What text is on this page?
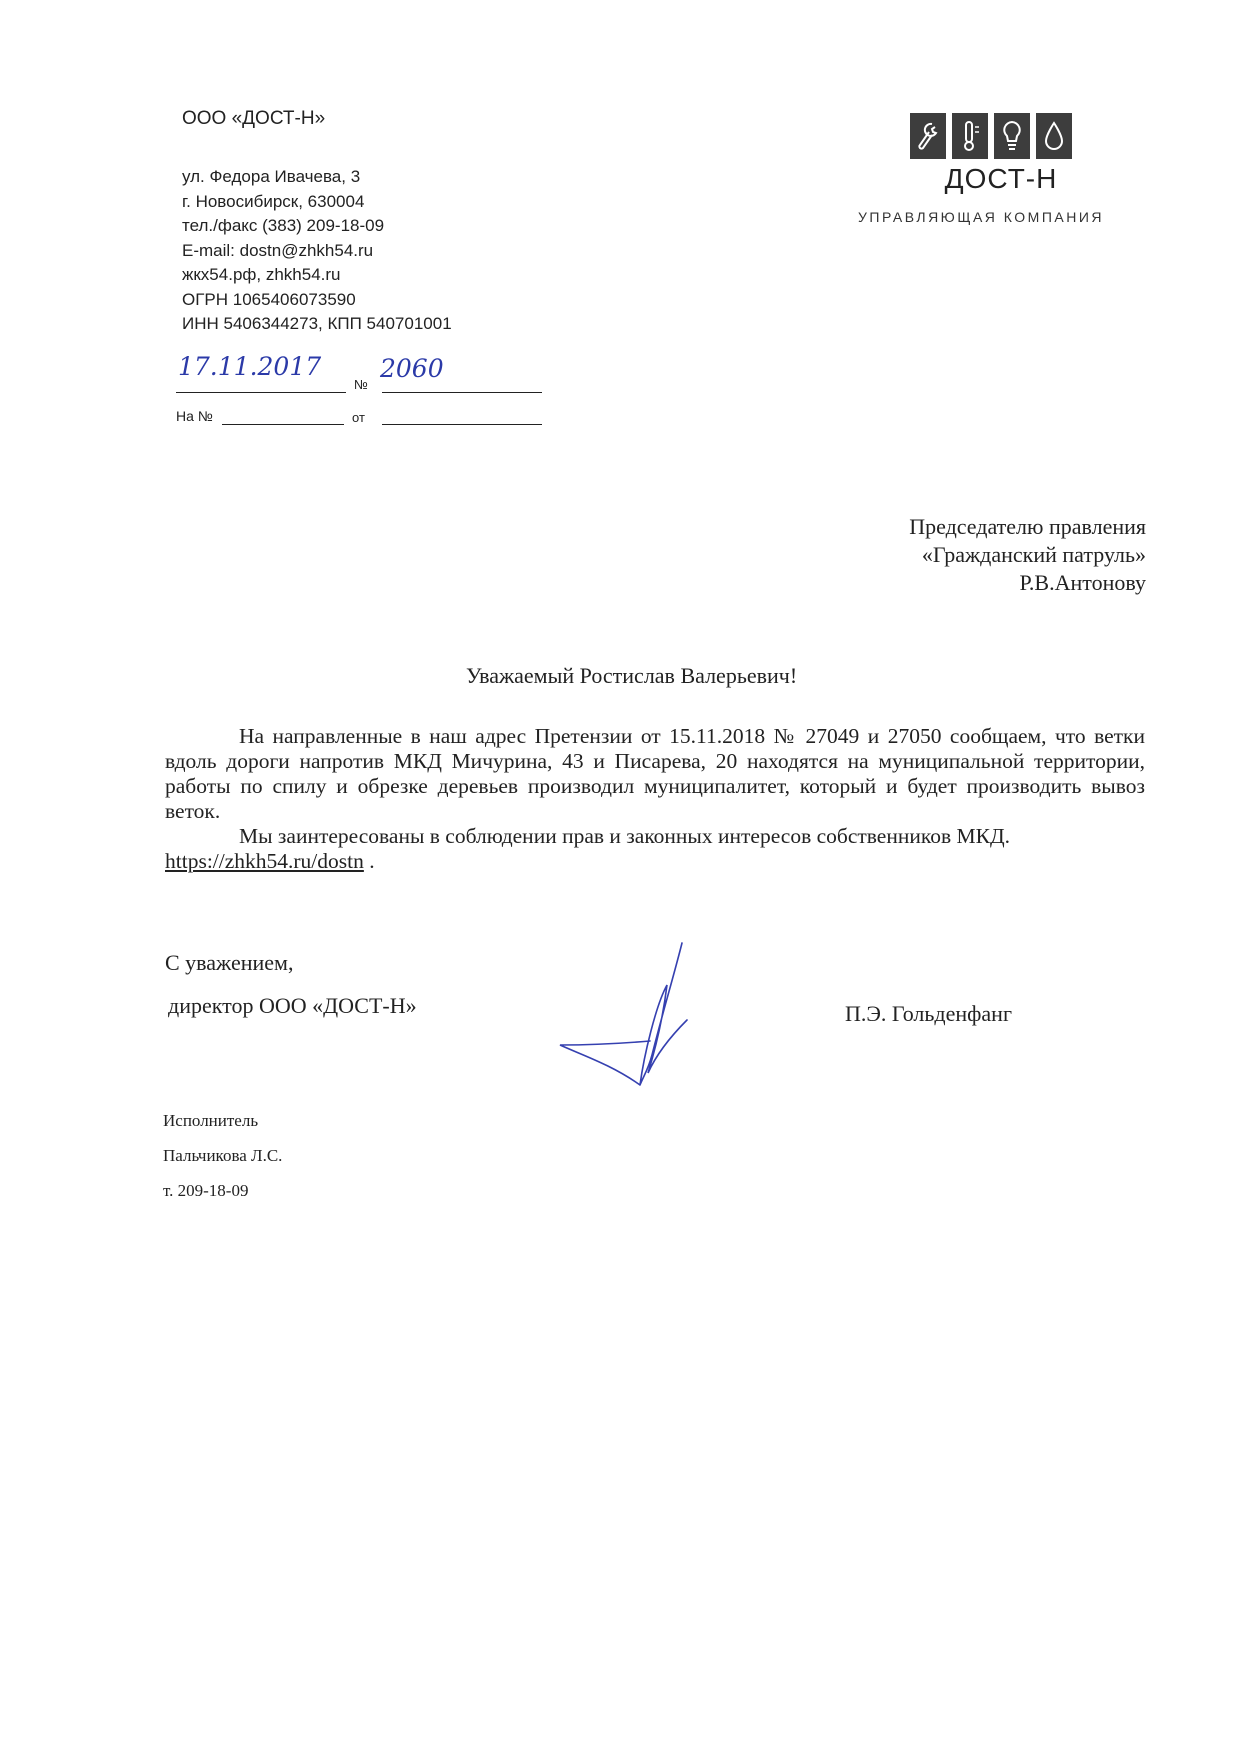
ООО «ДОСТ-Н»
ул. Федора Ивачева, 3
г. Новосибирск, 630004
тел./факс (383) 209-18-09
E-mail: dostn@zhkh54.ru
жкх54.рф, zhkh54.ru
ОГРН 1065406073590
ИНН 5406344273, КПП 540701001
17.11.2017
№
2060
На №	от
ДОСТ-Н
УПРАВЛЯЮЩАЯ КОМПАНИЯ
Председателю правления
«Гражданский патруль»
Р.В.Антонову
Уважаемый Ростислав Валерьевич!

На направленные в наш адрес Претензии от 15.11.2018 № 27049 и 27050 сообщаем, что ветки вдоль дороги напротив МКД Мичурина, 43 и Писарева, 20 находятся на муниципальной территории, работы по спилу и обрезке деревьев производил муниципалитет, который и будет производить вывоз веток.

Мы заинтересованы в соблюдении прав и законных интересов собственников МКД.

https://zhkh54.ru/dostn .
С уважением,
директор ООО «ДОСТ-Н»	П.Э. Гольденфанг
Исполнитель
Пальчикова Л.С.
т. 209-18-09
